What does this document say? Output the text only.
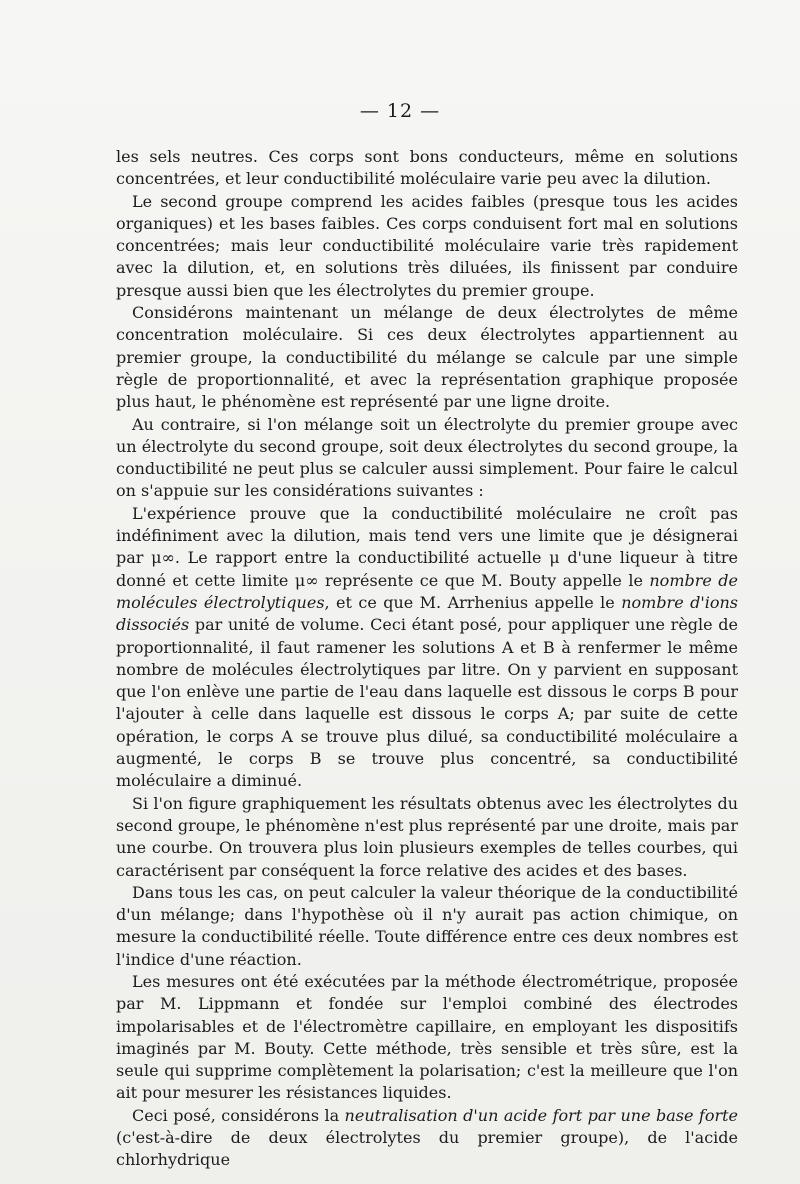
— 12 —

les sels neutres. Ces corps sont bons conducteurs, même en solutions concentrées, et leur conductibilité moléculaire varie peu avec la dilution.

Le second groupe comprend les acides faibles (presque tous les acides organiques) et les bases faibles. Ces corps conduisent fort mal en solutions concentrées; mais leur conductibilité moléculaire varie très rapidement avec la dilution, et, en solutions très diluées, ils finissent par conduire presque aussi bien que les électrolytes du premier groupe.

Considérons maintenant un mélange de deux électrolytes de même concentration moléculaire. Si ces deux électrolytes appartiennent au premier groupe, la conductibilité du mélange se calcule par une simple règle de proportionnalité, et avec la représentation graphique proposée plus haut, le phénomène est représenté par une ligne droite.

Au contraire, si l'on mélange soit un électrolyte du premier groupe avec un électrolyte du second groupe, soit deux électrolytes du second groupe, la conductibilité ne peut plus se calculer aussi simplement. Pour faire le calcul on s'appuie sur les considérations suivantes :

L'expérience prouve que la conductibilité moléculaire ne croît pas indéfiniment avec la dilution, mais tend vers une limite que je désignerai par μ∞. Le rapport entre la conductibilité actuelle μ d'une liqueur à titre donné et cette limite μ∞ représente ce que M. Bouty appelle le nombre de molécules électrolytiques, et ce que M. Arrhenius appelle le nombre d'ions dissociés par unité de volume. Ceci étant posé, pour appliquer une règle de proportionnalité, il faut ramener les solutions A et B à renfermer le même nombre de molécules électrolytiques par litre. On y parvient en supposant que l'on enlève une partie de l'eau dans laquelle est dissous le corps B pour l'ajouter à celle dans laquelle est dissous le corps A; par suite de cette opération, le corps A se trouve plus dilué, sa conductibilité moléculaire a augmenté, le corps B se trouve plus concentré, sa conductibilité moléculaire a diminué.

Si l'on figure graphiquement les résultats obtenus avec les électrolytes du second groupe, le phénomène n'est plus représenté par une droite, mais par une courbe. On trouvera plus loin plusieurs exemples de telles courbes, qui caractérisent par conséquent la force relative des acides et des bases.

Dans tous les cas, on peut calculer la valeur théorique de la conductibilité d'un mélange; dans l'hypothèse où il n'y aurait pas action chimique, on mesure la conductibilité réelle. Toute différence entre ces deux nombres est l'indice d'une réaction.

Les mesures ont été exécutées par la méthode électrométrique, proposée par M. Lippmann et fondée sur l'emploi combiné des électrodes impolarisables et de l'électromètre capillaire, en employant les dispositifs imaginés par M. Bouty. Cette méthode, très sensible et très sûre, est la seule qui supprime complètement la polarisation; c'est la meilleure que l'on ait pour mesurer les résistances liquides.

Ceci posé, considérons la neutralisation d'un acide fort par une base forte (c'est-à-dire de deux électrolytes du premier groupe), de l'acide chlorhydrique
